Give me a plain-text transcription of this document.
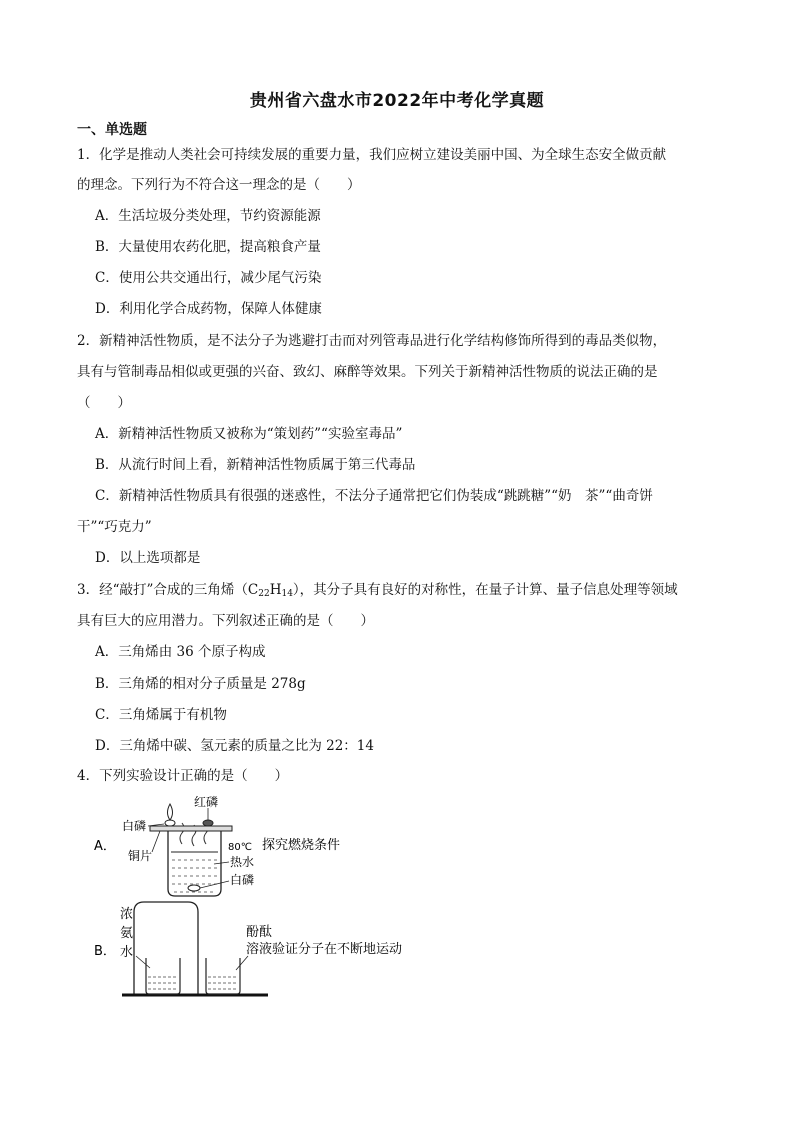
贵州省六盘水市2022年中考化学真题
一、单选题
1．化学是推动人类社会可持续发展的重要力量，我们应树立建设美丽中国、为全球生态安全做贡献
的理念。下列行为不符合这一理念的是（　　）
A．生活垃圾分类处理，节约资源能源
B．大量使用农药化肥，提高粮食产量
C．使用公共交通出行，减少尾气污染
D．利用化学合成药物，保障人体健康
2．新精神活性物质，是不法分子为逃避打击而对列管毒品进行化学结构修饰所得到的毒品类似物，
具有与管制毒品相似或更强的兴奋、致幻、麻醉等效果。下列关于新精神活性物质的说法正确的是
（　　）
A．新精神活性物质又被称为“策划药”“实验室毒品”
B．从流行时间上看，新精神活性物质属于第三代毒品
C．新精神活性物质具有很强的迷惑性，不法分子通常把它们伪装成“跳跳糖”“奶　茶”“曲奇饼
干”“巧克力”
D．以上选项都是
3．经“敲打”合成的三角烯$(C_{22}H_{14})$，其分子具有良好的对称性，在量子计算、量子信息处理等领域
具有巨大的应用潜力。下列叙述正确的是（　　）
A．三角烯由 36 个原子构成
B．三角烯的相对分子质量是 278g
C．三角烯属于有机物
D．三角烯中碳、氢元素的质量之比为 22：14
4．下列实验设计正确的是（　　）
A．
红磷
白磷
铜片
80℃
热水
白磷
探究燃烧条件
B．
浓
氨
水
酚酞
溶液 验证分子在不断地运动
